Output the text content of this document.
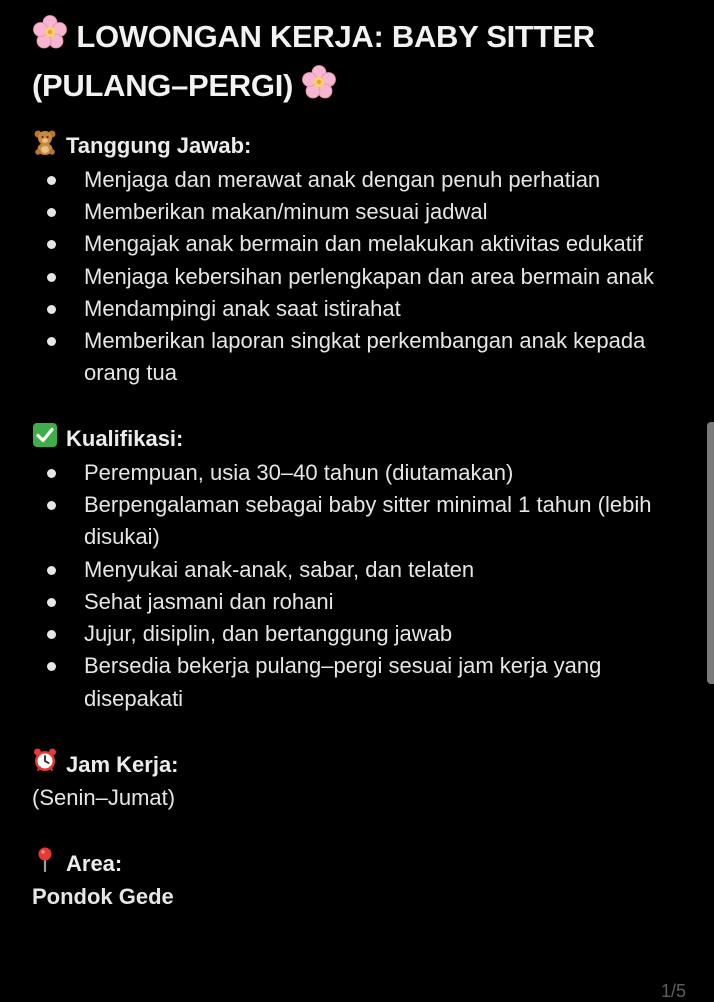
LOWONGAN KERJA: BABY SITTER
(PULANG–PERGI)
Tanggung Jawab:
Menjaga dan merawat anak dengan penuh perhatian
Memberikan makan/minum sesuai jadwal
Mengajak anak bermain dan melakukan aktivitas edukatif
Menjaga kebersihan perlengkapan dan area bermain anak
Mendampingi anak saat istirahat
Memberikan laporan singkat perkembangan anak kepada orang tua
Kualifikasi:
Perempuan, usia 30–40 tahun (diutamakan)
Berpengalaman sebagai baby sitter minimal 1 tahun (lebih disukai)
Menyukai anak-anak, sabar, dan telaten
Sehat jasmani dan rohani
Jujur, disiplin, dan bertanggung jawab
Bersedia bekerja pulang–pergi sesuai jam kerja yang disepakati
Jam Kerja:

(Senin–Jumat)

Area:

Pondok Gede

1/5
